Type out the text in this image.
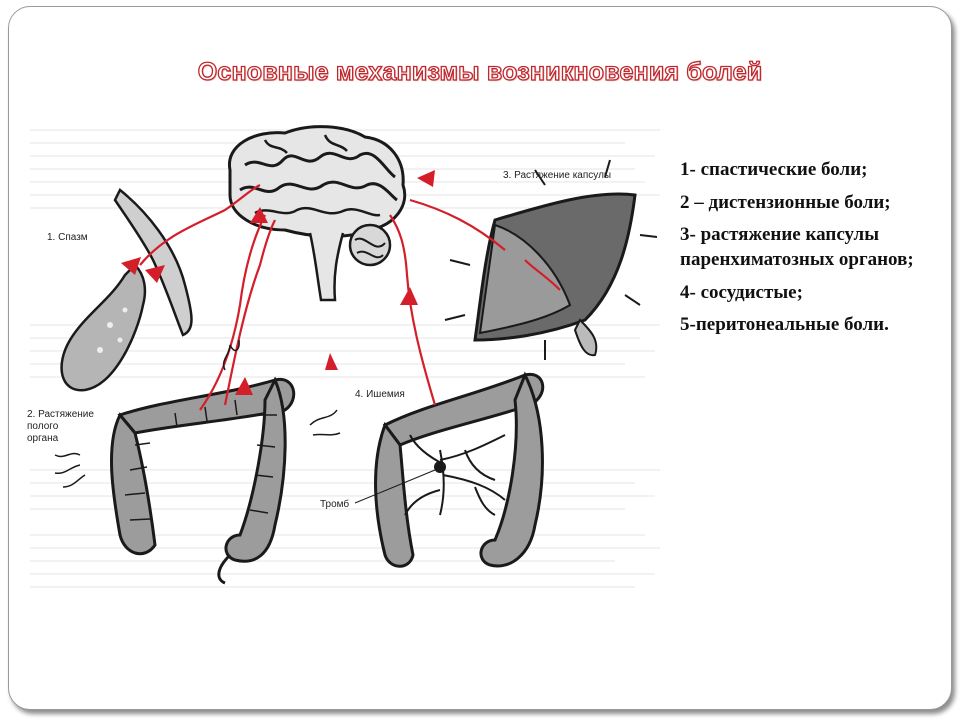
Основные механизмы возникновения болей
1. Спазм
2. Растяжение
полого
органа
3. Растяжение капсулы
4. Ишемия
Тромб
1- спастические боли;
2 – дистензионные боли;
3- растяжение капсулы паренхиматозных органов;
4- сосудистые;
5-перитонеальные боли.
